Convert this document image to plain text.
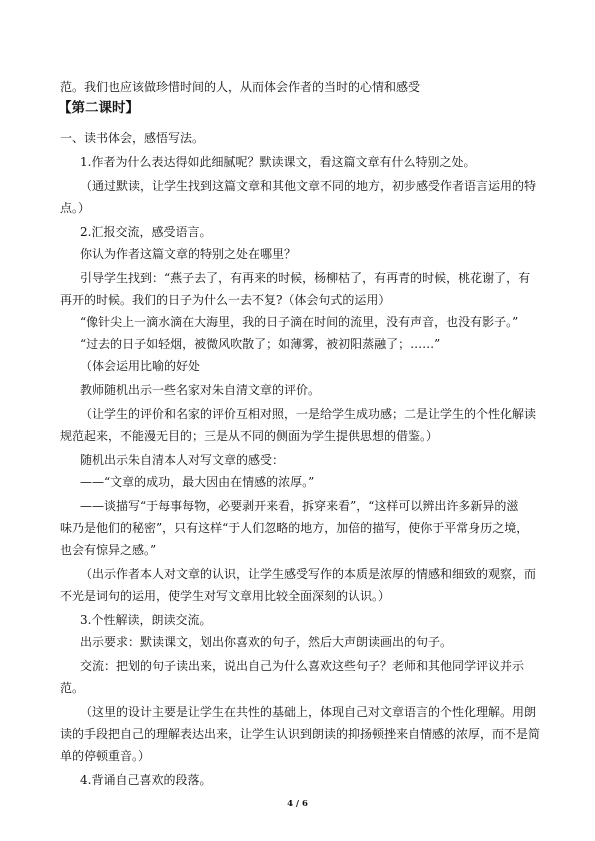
范。我们也应该做珍惜时间的人，从而体会作者的当时的心情和感受
【第二课时】
一、读书体会，感悟写法。
1.作者为什么表达得如此细腻呢？默读课文，看这篇文章有什么特别之处。
（通过默读，让学生找到这篇文章和其他文章不同的地方，初步感受作者语言运用的特
点。）
2.汇报交流，感受语言。
你认为作者这篇文章的特别之处在哪里？
引导学生找到：“燕子去了，有再来的时候，杨柳枯了，有再青的时候，桃花谢了，有
再开的时候。我们的日子为什么一去不复?（体会句式的运用）
“像针尖上一滴水滴在大海里，我的日子滴在时间的流里，没有声音，也没有影子。”
“过去的日子如轻烟，被微风吹散了；如薄雾，被初阳蒸融了；……”
（体会运用比喻的好处
教师随机出示一些名家对朱自清文章的评价。
（让学生的评价和名家的评价互相对照，一是给学生成功感；二是让学生的个性化解读
规范起来，不能漫无目的；三是从不同的侧面为学生提供思想的借鉴。）
随机出示朱自清本人对写文章的感受：
——“文章的成功，最大因由在情感的浓厚。”
——谈描写“于每事每物，必要剥开来看，拆穿来看”，“这样可以辨出许多新异的滋
味乃是他们的秘密”，只有这样“于人们忽略的地方，加倍的描写，使你于平常身历之境，
也会有惊异之感。”
（出示作者本人对文章的认识，让学生感受写作的本质是浓厚的情感和细致的观察，而
不光是词句的运用，使学生对写文章用比较全面深刻的认识。）
3.个性解读，朗读交流。
出示要求：默读课文，划出你喜欢的句子，然后大声朗读画出的句子。
交流：把划的句子读出来，说出自己为什么喜欢这些句子？老师和其他同学评议并示
范。
（这里的设计主要是让学生在共性的基础上，体现自己对文章语言的个性化理解。用朗
读的手段把自己的理解表达出来，让学生认识到朗读的抑扬顿挫来自情感的浓厚，而不是简
单的停顿重音。）
4.背诵自己喜欢的段落。
4 / 6
